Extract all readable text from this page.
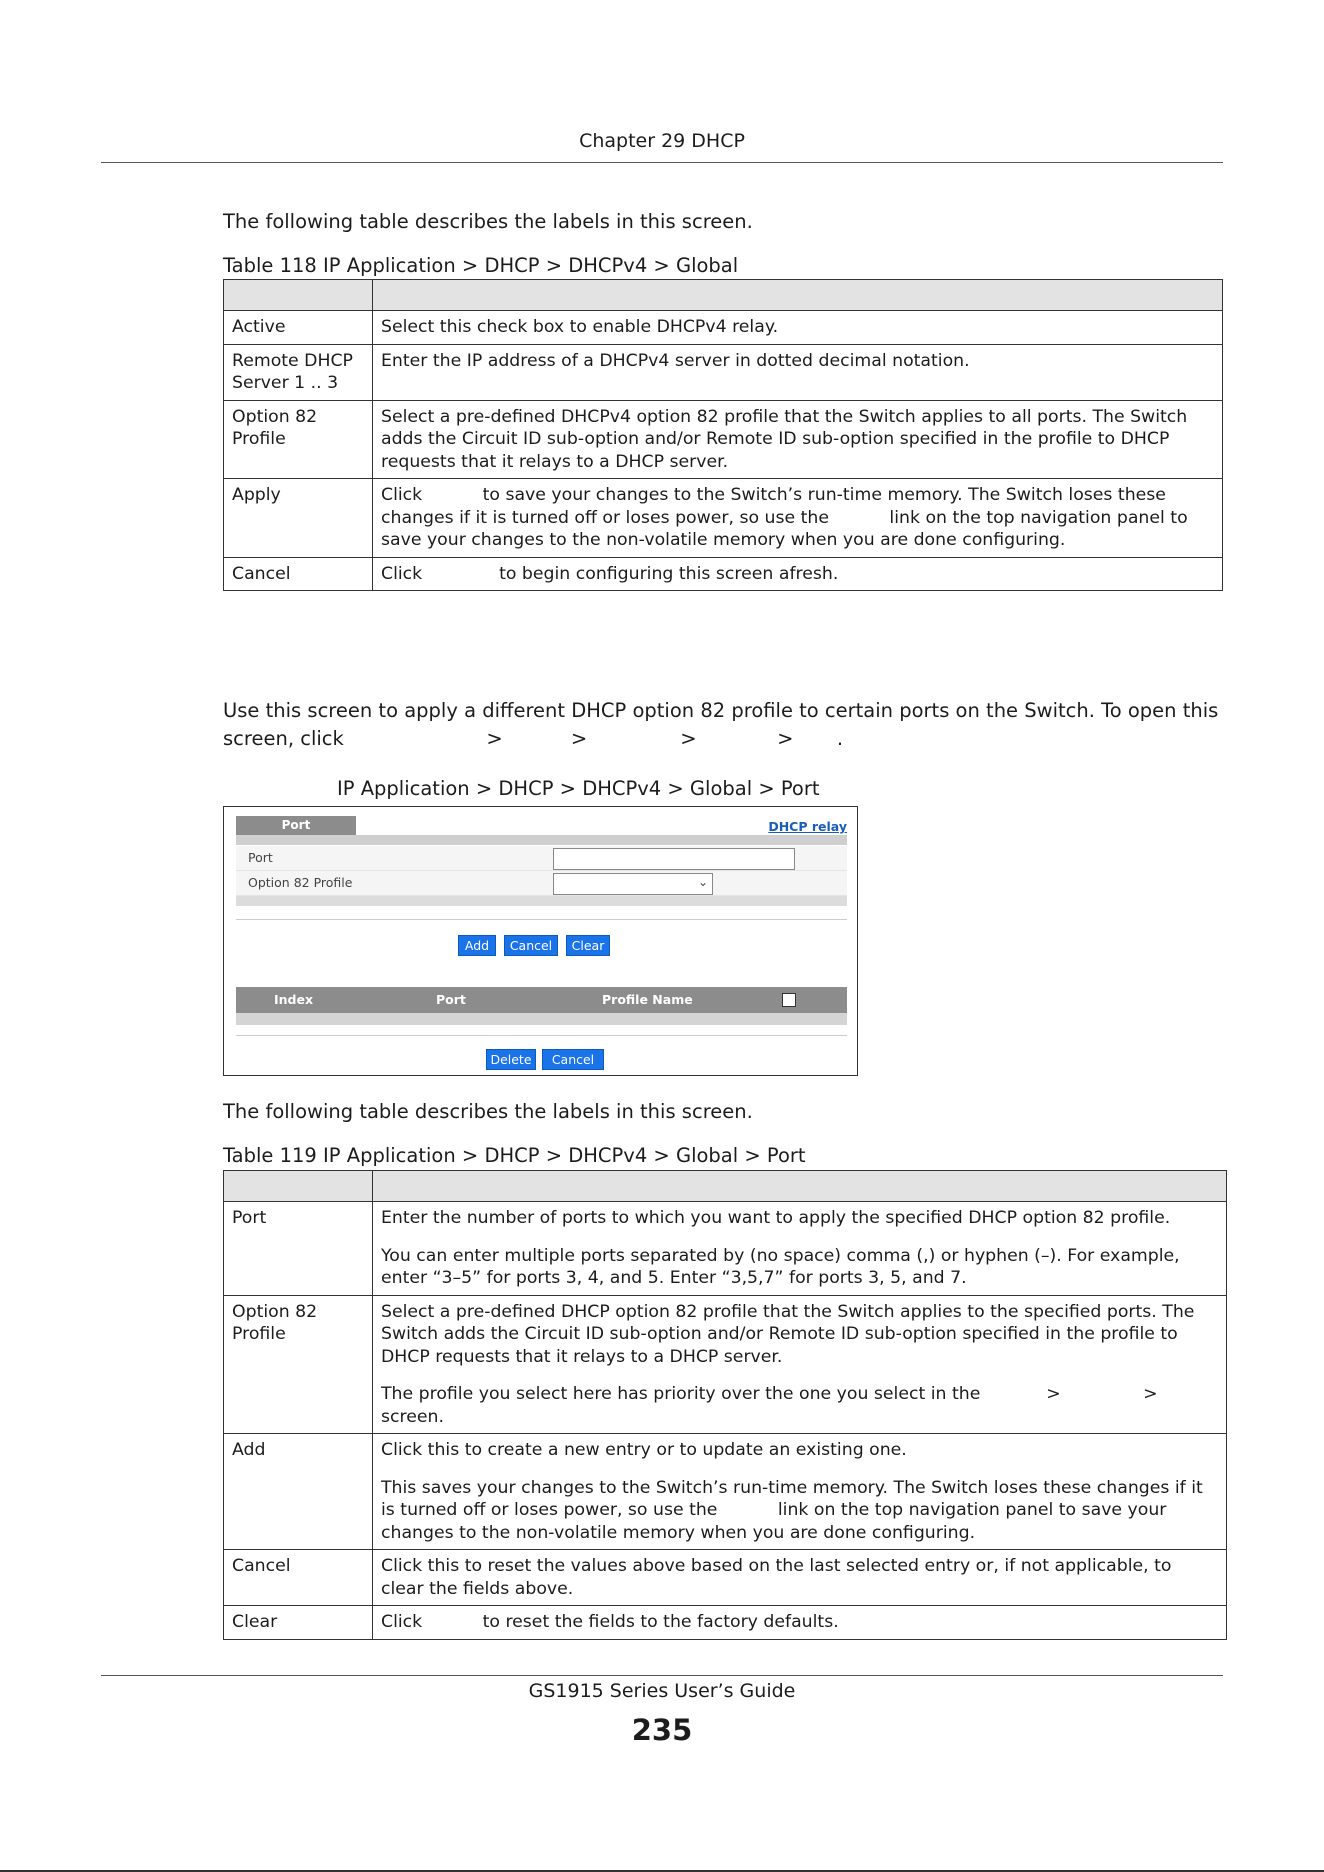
Chapter 29 DHCP
The following table describes the labels in this screen.
Table 118 IP Application > DHCP > DHCPv4 > Global

Active	Select this check box to enable DHCPv4 relay.

Remote DHCP Server 1 .. 3	Enter the IP address of a DHCPv4 server in dotted decimal notation.

Option 82 Profile	Select a pre-defined DHCPv4 option 82 profile that the Switch applies to all ports. The Switch adds the Circuit ID sub-option and/or Remote ID sub-option specified in the profile to DHCP requests that it relays to a DHCP server.

Apply	Click           to save your changes to the Switch’s run-time memory. The Switch loses these changes if it is turned off or loses power, so use the           link on the top navigation panel to save your changes to the non-volatile memory when you are done configuring.

Cancel	Click              to begin configuring this screen afresh.

Use this screen to apply a different DHCP option 82 profile to certain ports on the Switch. To open this
screen, click                       >           >               >             >       .
IP Application > DHCP > DHCPv4 > Global > Port
Port	DHCP relay
Port
Option 82 Profile	⌄
Add	Cancel	Clear
Index	Port	Profile Name
Delete	Cancel
The following table describes the labels in this screen.
Table 119 IP Application > DHCP > DHCPv4 > Global > Port

Port	Enter the number of ports to which you want to apply the specified DHCP option 82 profile.

You can enter multiple ports separated by (no space) comma (,) or hyphen (–). For example, enter “3–5” for ports 3, 4, and 5. Enter “3,5,7” for ports 3, 5, and 7.

Option 82 Profile	Select a pre-defined DHCP option 82 profile that the Switch applies to the specified ports. The Switch adds the Circuit ID sub-option and/or Remote ID sub-option specified in the profile to DHCP requests that it relays to a DHCP server.

The profile you select here has priority over the one you select in the            >               >                 screen.

Add	Click this to create a new entry or to update an existing one.

This saves your changes to the Switch’s run-time memory. The Switch loses these changes if it is turned off or loses power, so use the           link on the top navigation panel to save your changes to the non-volatile memory when you are done configuring.

Cancel	Click this to reset the values above based on the last selected entry or, if not applicable, to clear the fields above.

Clear	Click           to reset the fields to the factory defaults.

GS1915 Series User’s Guide
235
